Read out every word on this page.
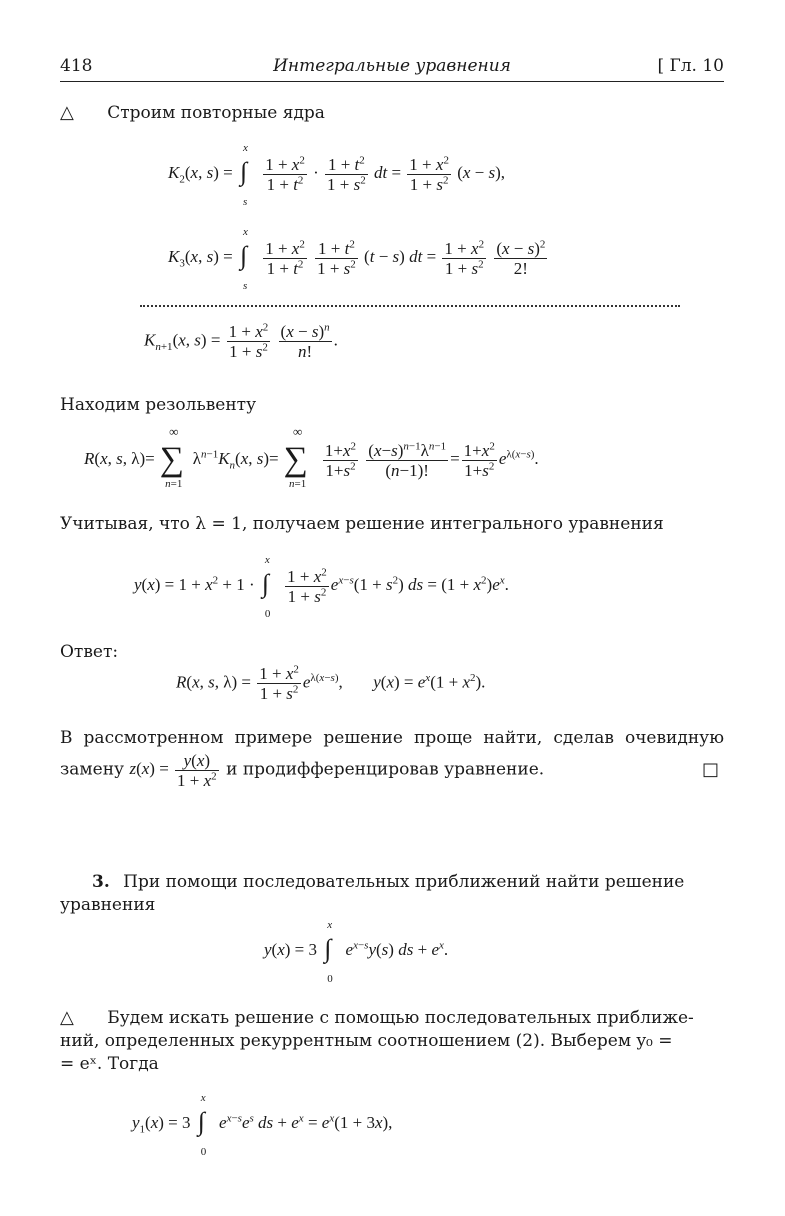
418	Интегральные уравнения	[ Гл. 10
△ Строим повторные ядра
$K_2(x$, s) =
x
∫
s

$\frac{1 + x^2}{1 + t^2} \cdot \frac{1 + t^2}{1 + s^2}$ dt = $\frac{1 + x^2}{1 + s^2} (x - s)$,
$K_3(x$, s) =
x
∫
s

$\frac{1 + x^2}{1 + t^2}$
$\frac{1 + t^2}{1 + s^2} (t - s)$ dt = $\frac{1 + x^2}{1 + s^2}$
$\frac{(x - s)^2}{2!}$
$K_{n+1}(x$, $s) = \frac{1 + x^2}{1 + s^2}$
$\frac{(x - s)^n}{n!}$ .
Находим резольвенту
R(x, s, λ)=
∞
∑
n=1
$\lambda^{n-1}K_n(x$, s)=
∞
∑
n=1

$\frac{1+x^2}{1+s^2}$
$\frac{(x-s)^{n-1}\lambda^{n-1}}{(n-1)!} = \frac{1+x^2}{1+s^2} e^{\lambda(x-s)}$.
Учитывая, что λ = 1, получаем решение интегрального уравнения
$y(x) = 1 + x^2 + 1$ ·
x
∫
0

$\frac{1 + x^2}{1 + s^2} e^{x-s}(1 + s^2)$ ds = $(1 + x^2)e^x$.
Ответ:
R(x, s, $\lambda) = \frac{1 + x^2}{1 + s^2} e^{\lambda(x-s)}$,  $y(x) = e^x(1 + x^2)$.
В рассмотренном примере решение проще найти, сделав очевидную
замену $z(x) = \frac{y(x)}{1 + x^2}$ и продифференцировав уравнение.	□
3. При помощи последовательных приближений найти решение
уравнения
y(x) = 3
x
∫
0
$e^{x-s}y(s)$ ds + $e^x$.
△ Будем искать решение с помощью последовательных приближе-
ний, определенных рекуррентным соотношением (2). Выберем y₀ =
= eˣ. Тогда
$y_1(x) = 3$
x
∫
0
$e^{x-s}e^s$ ds + $e^x = e^x(1 + 3x)$,
